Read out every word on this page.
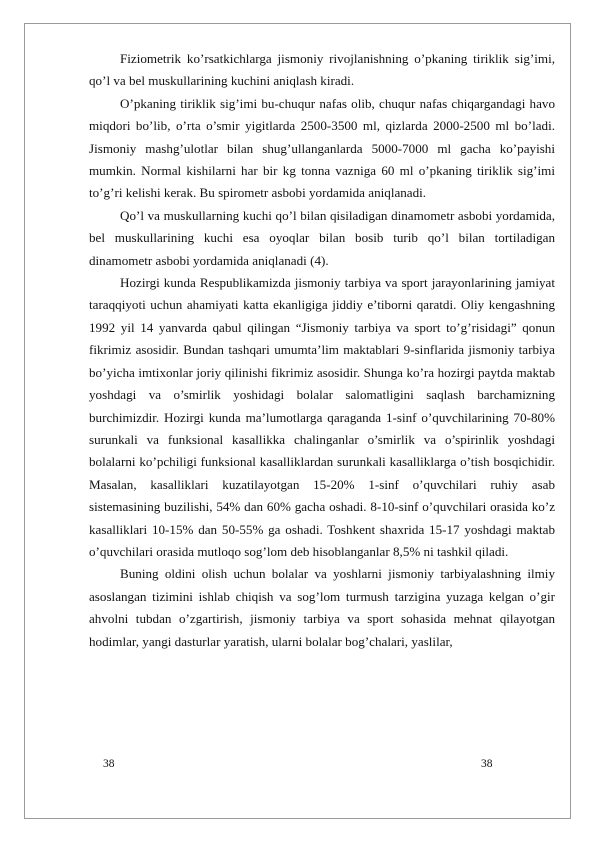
Fiziometrik ko’rsatkichlarga jismoniy rivojlanishning o’pkaning tiriklik sig’imi, qo’l va bel muskullarining kuchini aniqlash kiradi.

O’pkaning tiriklik sig’imi bu-chuqur nafas olib, chuqur nafas chiqargandagi havo miqdori bo’lib, o’rta o’smir yigitlarda 2500-3500 ml, qizlarda 2000-2500 ml bo’ladi. Jismoniy mashg’ulotlar bilan shug’ullanganlarda 5000-7000 ml gacha ko’payishi mumkin. Normal kishilarni har bir kg tonna vazniga 60 ml o’pkaning tiriklik sig’imi to’g’ri kelishi kerak. Bu spirometr asbobi yordamida aniqlanadi.

Qo’l va muskullarning kuchi qo’l bilan qisiladigan dinamometr asbobi yordamida, bel muskullarining kuchi esa oyoqlar bilan bosib turib qo’l bilan tortiladigan dinamometr asbobi yordamida aniqlanadi (4).

Hozirgi kunda Respublikamizda jismoniy tarbiya va sport jarayonlarining jamiyat taraqqiyoti uchun ahamiyati katta ekanligiga jiddiy e’tiborni qaratdi. Oliy kengashning 1992 yil 14 yanvarda qabul qilingan “Jismoniy tarbiya va sport to’g’risidagi” qonun fikrimiz asosidir. Bundan tashqari umumta’lim maktablari 9-sinflarida jismoniy tarbiya bo’yicha imtixonlar joriy qilinishi fikrimiz asosidir. Shunga ko’ra hozirgi paytda maktab yoshdagi va o’smirlik yoshidagi bolalar salomatligini saqlash barchamizning burchimizdir. Hozirgi kunda ma’lumotlarga qaraganda 1-sinf o’quvchilarining 70-80% surunkali va funksional kasallikka chalinganlar o’smirlik va o’spirinlik yoshdagi bolalarni ko’pchiligi funksional kasalliklardan surunkali kasalliklarga o’tish bosqichidir. Masalan, kasalliklari kuzatilayotgan 15-20% 1-sinf o’quvchilari ruhiy asab sistemasining buzilishi, 54% dan 60% gacha oshadi. 8-10-sinf o’quvchilari orasida ko’z kasalliklari 10-15% dan 50-55% ga oshadi. Toshkent shaxrida 15-17 yoshdagi maktab o’quvchilari orasida mutloqo sog’lom deb hisoblanganlar 8,5% ni tashkil qiladi.

Buning oldini olish uchun bolalar va yoshlarni jismoniy tarbiyalashning ilmiy asoslangan tizimini ishlab chiqish va sog’lom turmush tarzigina yuzaga kelgan o’gir ahvolni tubdan o’zgartirish, jismoniy tarbiya va sport sohasida mehnat qilayotgan hodimlar, yangi dasturlar yaratish, ularni bolalar bog’chalari, yaslilar,

38	38
